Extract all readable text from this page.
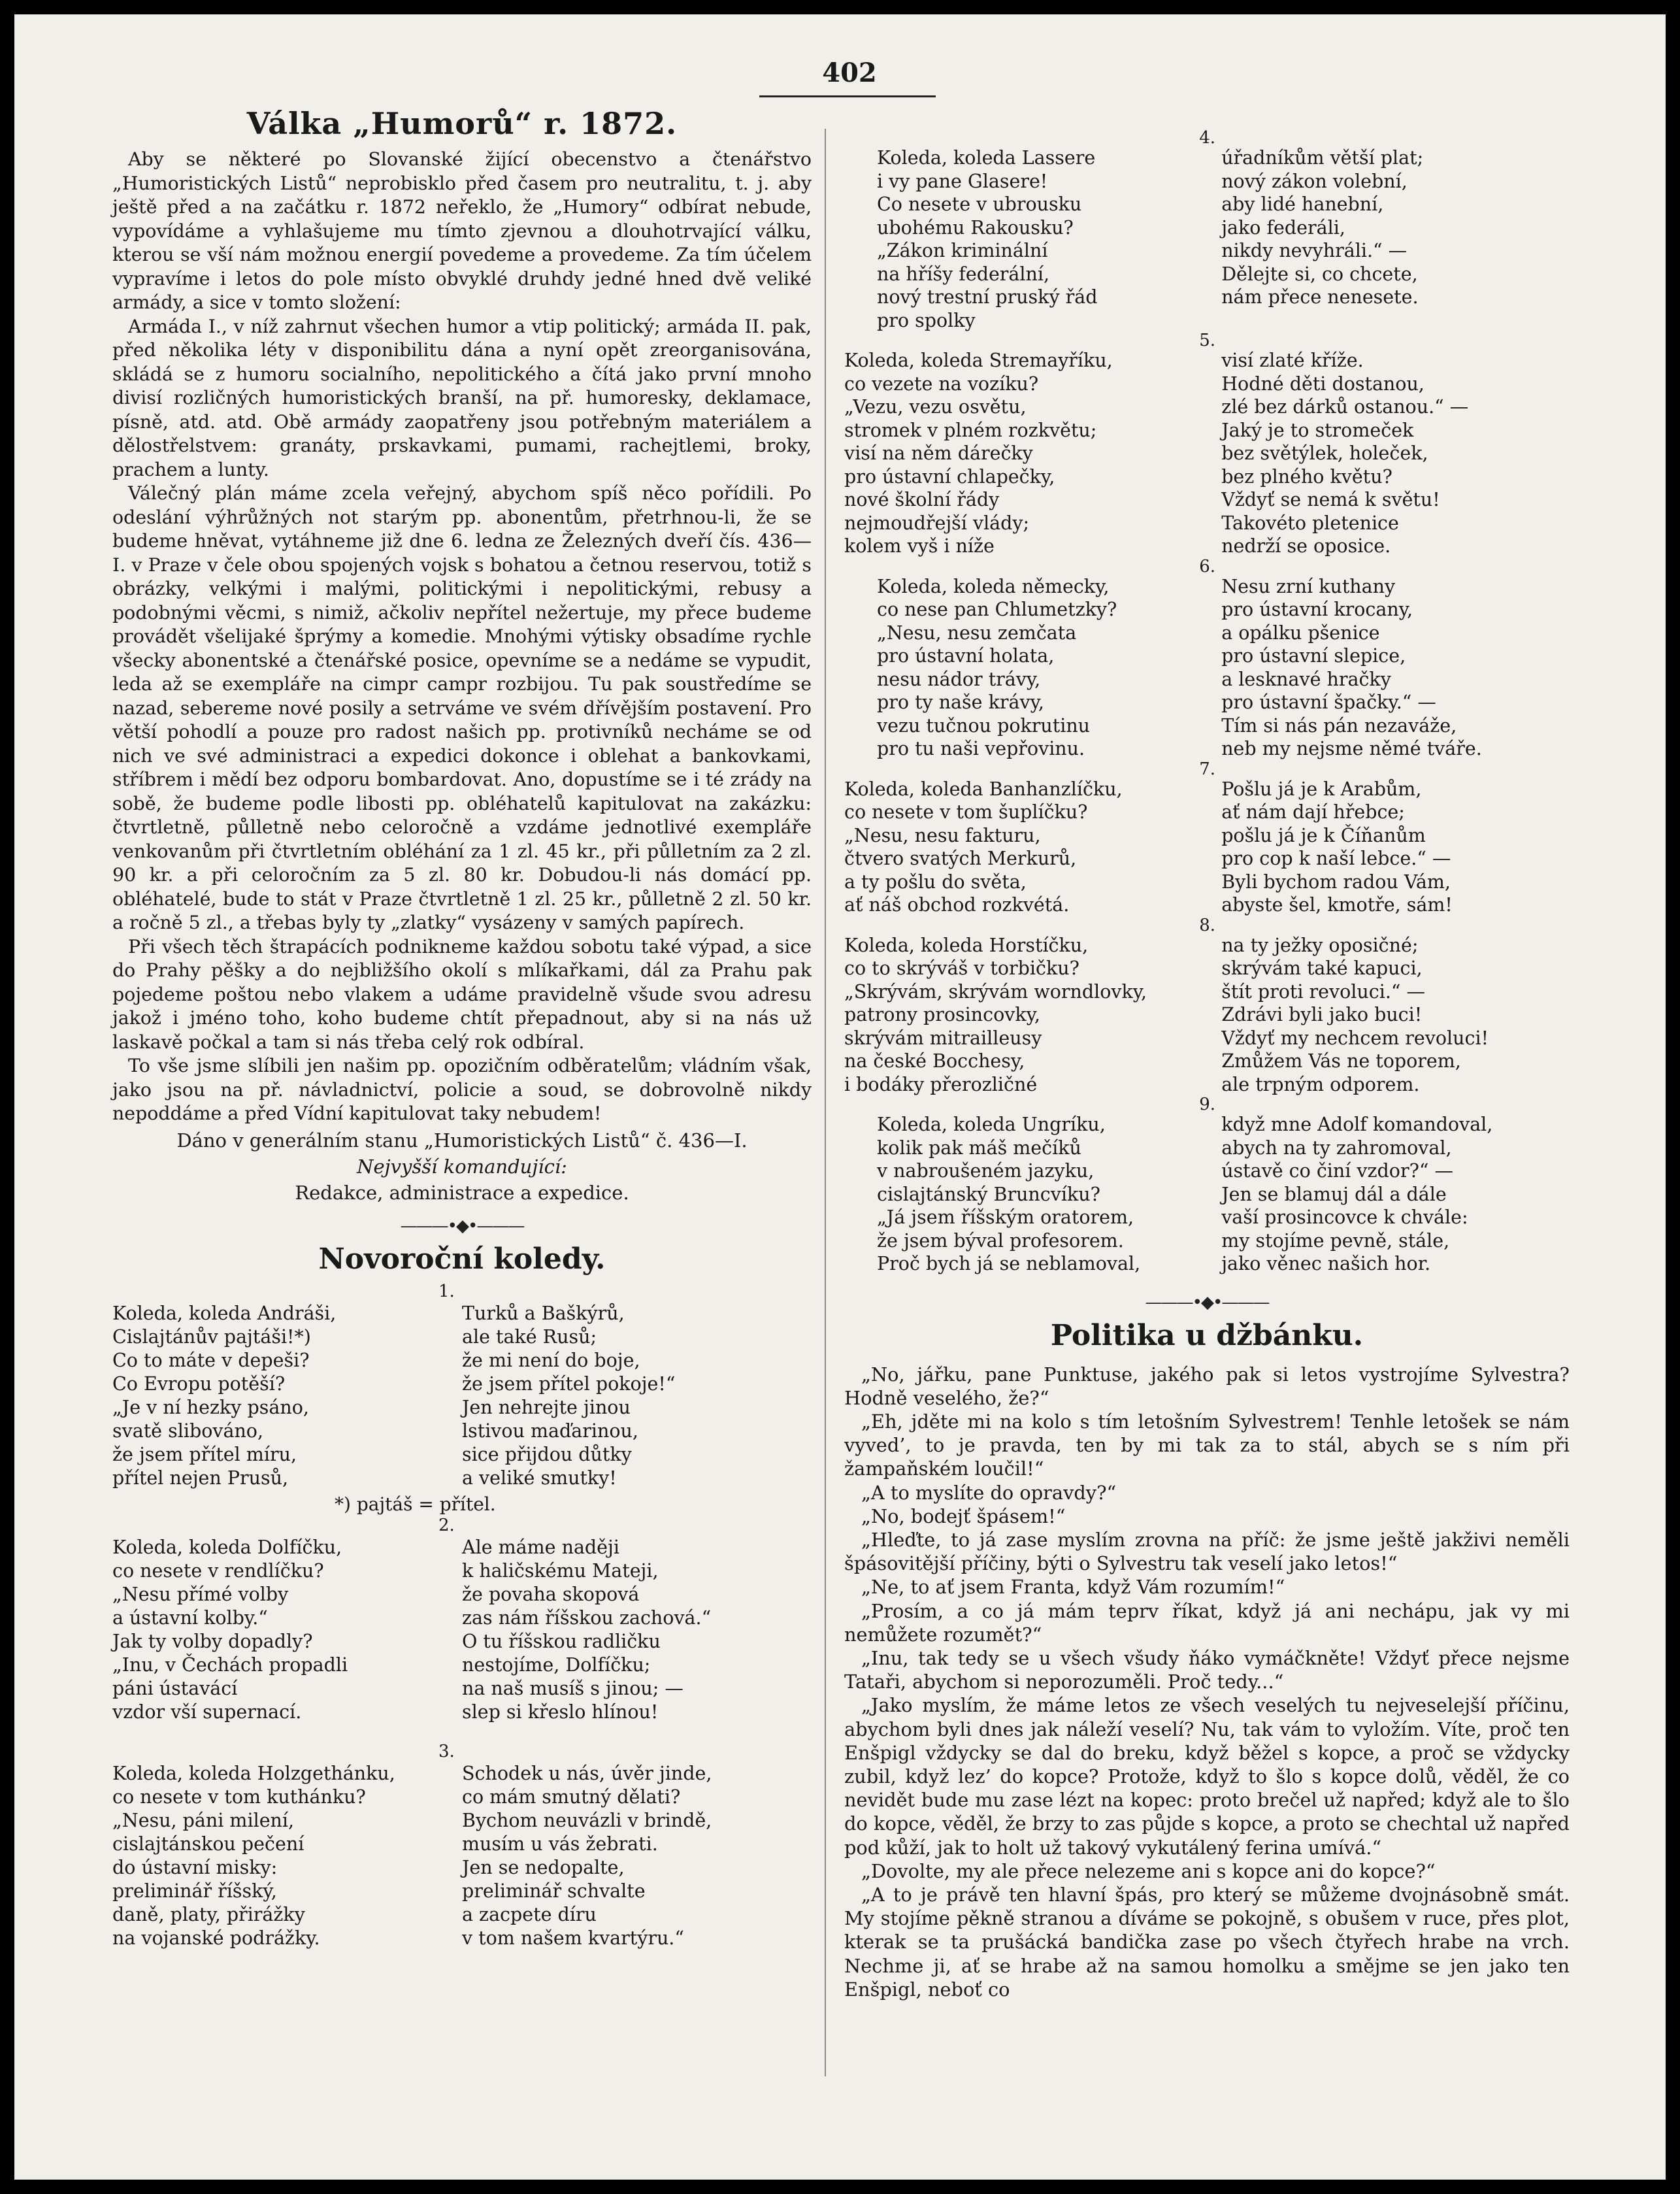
402
Válka „Humorů“ r. 1872.

Aby se některé po Slovanské žijící obecenstvo a čtenářstvo „Humoristických Listů“ neprobisklo před časem pro neutralitu, t. j. aby ještě před a na začátku r. 1872 neřeklo, že „Humory“ odbírat nebude, vypovídáme a vyhlašujeme mu tímto zjevnou a dlouhotrvající válku, kterou se vší nám možnou energií povedeme a provedeme. Za tím účelem vypravíme i letos do pole místo obvyklé druhdy jedné hned dvě veliké armády, a sice v tomto složení:

Armáda I., v níž zahrnut všechen humor a vtip politický; armáda II. pak, před několika léty v disponibilitu dána a nyní opět zreorganisována, skládá se z humoru socialního, nepolitického a čítá jako první mnoho divisí rozličných humoristických branší, na př. humoresky, deklamace, písně, atd. atd. Obě armády zaopatřeny jsou potřebným materiálem a dělostřelstvem: granáty, prskavkami, pumami, rachejtlemi, broky, prachem a lunty.

Válečný plán máme zcela veřejný, abychom spíš něco pořídili. Po odeslání výhrůžných not starým pp. abonentům, přetrhnou-li, že se budeme hněvat, vytáhneme již dne 6. ledna ze Železných dveří čís. 436—I. v Praze v čele obou spojených vojsk s bohatou a četnou reservou, totiž s obrázky, velkými i malými, politickými i nepolitickými, rebusy a podobnými věcmi, s nimiž, ačkoliv nepřítel nežertuje, my přece budeme provádět všelijaké šprýmy a komedie. Mnohými výtisky obsadíme rychle všecky abonentské a čtenářské posice, opevníme se a nedáme se vypudit, leda až se exempláře na cimpr campr rozbijou. Tu pak soustředíme se nazad, sebereme nové posily a setrváme ve svém dřívějším postavení. Pro větší pohodlí a pouze pro radost našich pp. protivníků necháme se od nich ve své administraci a expedici dokonce i oblehat a bankovkami, stříbrem i mědí bez odporu bombardovat. Ano, dopustíme se i té zrády na sobě, že budeme podle libosti pp. obléhatelů kapitulovat na zakázku: čtvrtletně, půlletně nebo celoročně a vzdáme jednotlivé exempláře venkovanům při čtvrtletním obléhání za 1 zl. 45 kr., při půlletním za 2 zl. 90 kr. a při celoročním za 5 zl. 80 kr. Dobudou-li nás domácí pp. obléhatelé, bude to stát v Praze čtvrtletně 1 zl. 25 kr., půlletně 2 zl. 50 kr. a ročně 5 zl., a třebas byly ty „zlatky“ vysázeny v samých papírech.

Při všech těch štrapácích podnikneme každou sobotu také výpad, a sice do Prahy pěšky a do nejbližšího okolí s mlíkařkami, dál za Prahu pak pojedeme poštou nebo vlakem a udáme pravidelně všude svou adresu jakož i jméno toho, koho budeme chtít přepadnout, aby si na nás už laskavě počkal a tam si nás třeba celý rok odbíral.

To vše jsme slíbili jen našim pp. opozičním odběratelům; vládním však, jako jsou na př. návladnictví, policie a soud, se dobrovolně nikdy nepoddáme a před Vídní kapitulovat taky nebudem!

Dáno v generálním stanu „Humoristických Listů“ č. 436—I.
Nejvyšší komandující:
Redakce, administrace a expedice.
———•◆•———
Novoroční koledy.
1.
Koleda, koleda Andráši,
Cislajtánův pajtáši!*)
Co to máte v depeši?
Co Evropu potěší?
„Je v ní hezky psáno,
svatě slibováno,
že jsem přítel míru,
přítel nejen Prusů,
Turků a Baškýrů,
ale také Rusů;
že mi není do boje,
že jsem přítel pokoje!“
Jen nehrejte jinou
lstivou maďarinou,
sice přijdou důtky
a veliké smutky!
*) pajtáš = přítel.
2.
Koleda, koleda Dolfíčku,
co nesete v rendlíčku?
„Nesu přímé volby
a ústavní kolby.“
Jak ty volby dopadly?
„Inu, v Čechách propadli
páni ústavácí
vzdor vší supernací.
Ale máme naději
k haličskému Mateji,
že povaha skopová
zas nám říšskou zachová.“
O tu říšskou radličku
nestojíme, Dolfíčku;
na naš musíš s jinou; —
slep si křeslo hlínou!
3.
Koleda, koleda Holzgethánku,
co nesete v tom kuthánku?
„Nesu, páni milení,
cislajtánskou pečení
do ústavní misky:
preliminář říšský,
daně, platy, přirážky
na vojanské podrážky.
Schodek u nás, úvěr jinde,
co mám smutný dělati?
Bychom neuvázli v brindě,
musím u vás žebrati.
Jen se nedopalte,
preliminář schvalte
a zacpete díru
v tom našem kvartýru.“
4.
Koleda, koleda Lassere
i vy pane Glasere!
Co nesete v ubrousku
ubohému Rakousku?
„Zákon kriminální
na hříšy federální,
nový trestní pruský řád
pro spolky
úřadníkům větší plat;
nový zákon volební,
aby lidé hanební,
jako federáli,
nikdy nevyhráli.“ —
Dělejte si, co chcete,
nám přece nenesete.
5.
Koleda, koleda Stremayříku,
co vezete na vozíku?
„Vezu, vezu osvětu,
stromek v plném rozkvětu;
visí na něm dárečky
pro ústavní chlapečky,
nové školní řády
nejmoudřejší vlády;
kolem vyš i níže
visí zlaté kříže.
Hodné děti dostanou,
zlé bez dárků ostanou.“ —
Jaký je to stromeček
bez světýlek, holeček,
bez plného květu?
Vždyť se nemá k světu!
Takovéto pletenice
nedrží se oposice.
6.
Koleda, koleda německy,
co nese pan Chlumetzky?
„Nesu, nesu zemčata
pro ústavní holata,
nesu nádor trávy,
pro ty naše krávy,
vezu tučnou pokrutinu
pro tu naši vepřovinu.
Nesu zrní kuthany
pro ústavní krocany,
a opálku pšenice
pro ústavní slepice,
a lesknavé hračky
pro ústavní špačky.“ —
Tím si nás pán nezaváže,
neb my nejsme němé tváře.
7.
Koleda, koleda Banhanzlíčku,
co nesete v tom šuplíčku?
„Nesu, nesu fakturu,
čtvero svatých Merkurů,
a ty pošlu do světa,
ať náš obchod rozkvétá.
Pošlu já je k Arabům,
ať nám dají hřebce;
pošlu já je k Číňanům
pro cop k naší lebce.“ —
Byli bychom radou Vám,
abyste šel, kmotře, sám!
8.
Koleda, koleda Horstíčku,
co to skrýváš v torbičku?
„Skrývám, skrývám worndlovky,
patrony prosincovky,
skrývám mitrailleusy
na české Bocchesy,
i bodáky přerozličné
na ty ježky oposičné;
skrývám také kapuci,
štít proti revoluci.“ —
Zdrávi byli jako buci!
Vždyť my nechcem revoluci!
Zmůžem Vás ne toporem,
ale trpným odporem.
9.
Koleda, koleda Ungríku,
kolik pak máš mečíků
v nabroušeném jazyku,
cislajtánský Bruncvíku?
„Já jsem říšským oratorem,
že jsem býval profesorem.
Proč bych já se neblamoval,
když mne Adolf komandoval,
abych na ty zahromoval,
ústavě co činí vzdor?“ —
Jen se blamuj dál a dále
vaší prosincovce k chvále:
my stojíme pevně, stále,
jako věnec našich hor.
———•◆•———
Politika u džbánku.

„No, jářku, pane Punktuse, jakého pak si letos vystrojíme Sylvestra? Hodně veselého, že?“

„Eh, jděte mi na kolo s tím letošním Sylvestrem! Tenhle letošek se nám vyved’, to je pravda, ten by mi tak za to stál, abych se s ním při žampaňském loučil!“

„A to myslíte do opravdy?“

„No, bodejť špásem!“

„Hleďte, to já zase myslím zrovna na příč: že jsme ještě jakživi neměli špásovitější příčiny, býti o Sylvestru tak veselí jako letos!“

„Ne, to ať jsem Franta, když Vám rozumím!“

„Prosím, a co já mám teprv říkat, když já ani nechápu, jak vy mi nemůžete rozumět?“

„Inu, tak tedy se u všech všudy ňáko vymáčkněte! Vždyť přece nejsme Tataři, abychom si neporozuměli. Proč tedy...“

„Jako myslím, že máme letos ze všech veselých tu nejveselejší příčinu, abychom byli dnes jak náleží veselí? Nu, tak vám to vyložím. Víte, proč ten Enšpigl vždycky se dal do breku, když běžel s kopce, a proč se vždycky zubil, když lez’ do kopce? Protože, když to šlo s kopce dolů, věděl, že co nevidět bude mu zase lézt na kopec: proto brečel už napřed; když ale to šlo do kopce, věděl, že brzy to zas půjde s kopce, a proto se chechtal už napřed pod kůží, jak to holt už takový vykutálený ferina umívá.“

„Dovolte, my ale přece nelezeme ani s kopce ani do kopce?“

„A to je právě ten hlavní špás, pro který se můžeme dvojnásobně smát. My stojíme pěkně stranou a díváme se pokojně, s obušem v ruce, přes plot, kterak se ta prušácká bandička zase po všech čtyřech hrabe na vrch. Nechme ji, ať se hrabe až na samou homolku a smějme se jen jako ten Enšpigl, neboť co
